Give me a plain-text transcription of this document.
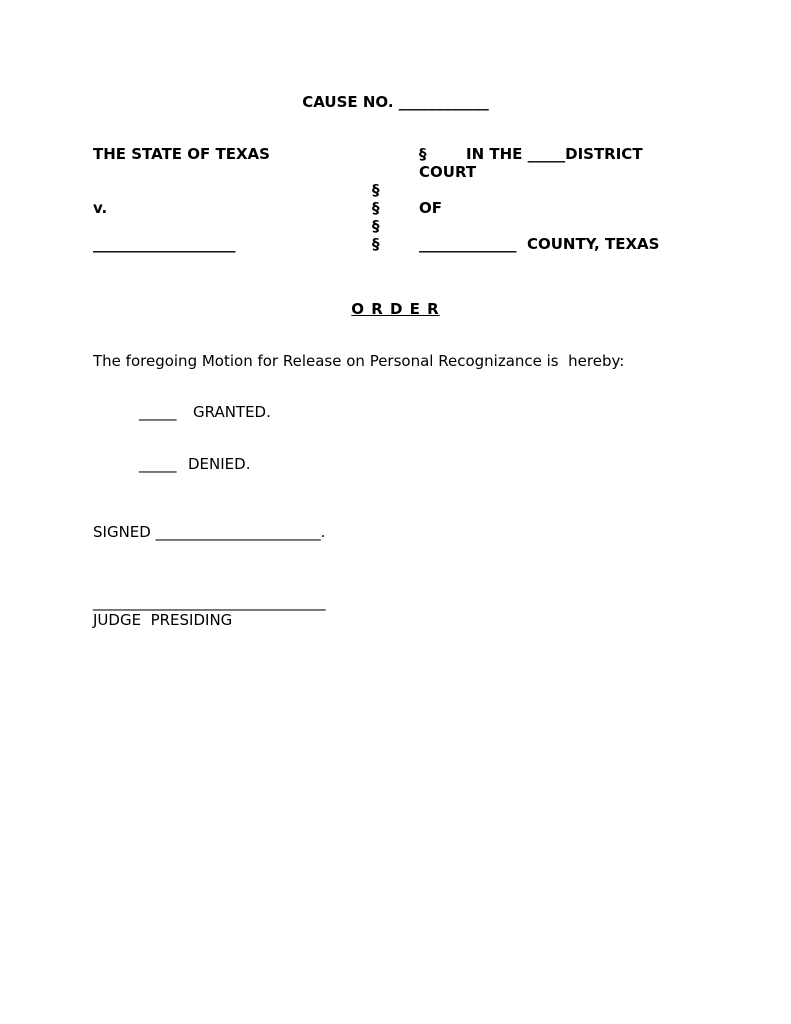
CAUSE NO. ____________
THE STATE OF TEXAS
v.
___________________
§
§
§
§
§
IN THE _____DISTRICT
COURT
OF
_____________  COUNTY, TEXAS
O R D E R
The foregoing Motion for Release on Personal Recognizance is  hereby:
_____ GRANTED.
_____ DENIED.
SIGNED ______________________.
_______________________________
JUDGE  PRESIDING
